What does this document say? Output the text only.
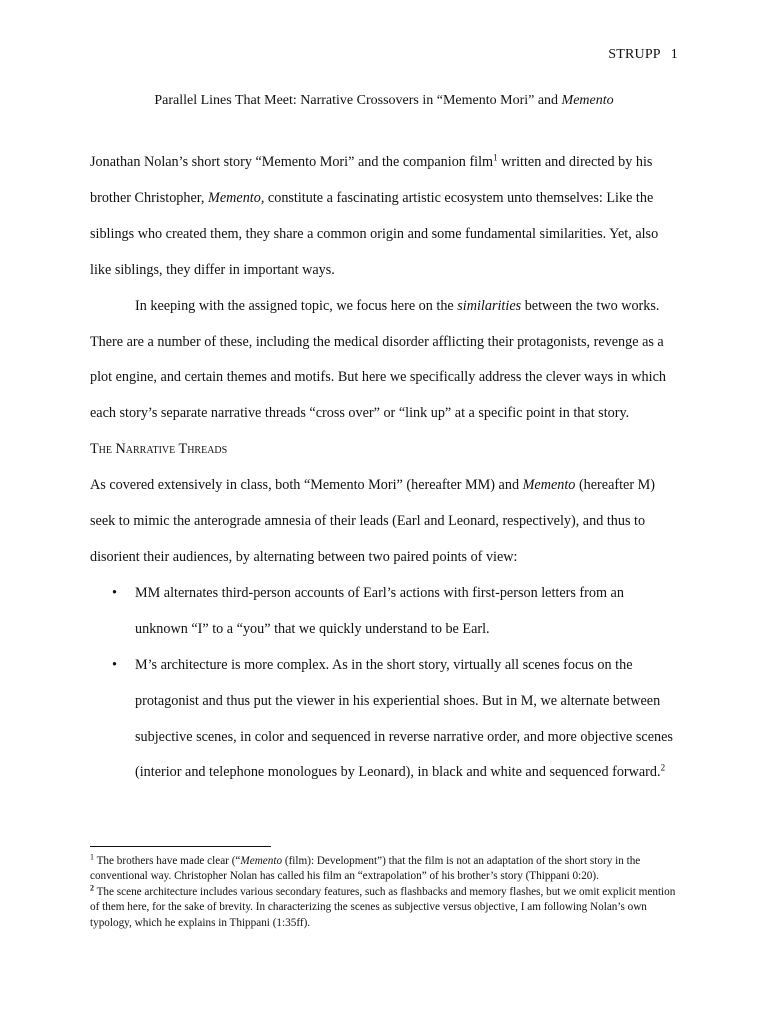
STRUPP 1
Parallel Lines That Meet: Narrative Crossovers in “Memento Mori” and Memento

Jonathan Nolan’s short story “Memento Mori” and the companion film$^1$ written and directed by his brother Christopher, Memento, constitute a fascinating artistic ecosystem unto themselves: Like the siblings who created them, they share a common origin and some fundamental similarities. Yet, also like siblings, they differ in important ways.

In keeping with the assigned topic, we focus here on the similarities between the two works. There are a number of these, including the medical disorder afflicting their protagonists, revenge as a plot engine, and certain themes and motifs. But here we specifically address the clever ways in which each story’s separate narrative threads “cross over” or “link up” at a specific point in that story.

The Narrative Threads

As covered extensively in class, both “Memento Mori” (hereafter MM) and Memento (hereafter M) seek to mimic the anterograde amnesia of their leads (Earl and Leonard, respectively), and thus to disorient their audiences, by alternating between two paired points of view:

• MM alternates third-person accounts of Earl’s actions with first-person letters from an unknown “I” to a “you” that we quickly understand to be Earl.
• M’s architecture is more complex. As in the short story, virtually all scenes focus on the protagonist and thus put the viewer in his experiential shoes. But in M, we alternate between subjective scenes, in color and sequenced in reverse narrative order, and more objective scenes (interior and telephone monologues by Leonard), in black and white and sequenced forward.$^2$

$^1$ The brothers have made clear (“Memento (film): Development”) that the film is not an adaptation of the short story in the conventional way. Christopher Nolan has called his film an “extrapolation” of his brother’s story (Thippani 0:20).

$^2$ The scene architecture includes various secondary features, such as flashbacks and memory flashes, but we omit explicit mention of them here, for the sake of brevity. In characterizing the scenes as subjective versus objective, I am following Nolan’s own typology, which he explains in Thippani (1:35ff).
